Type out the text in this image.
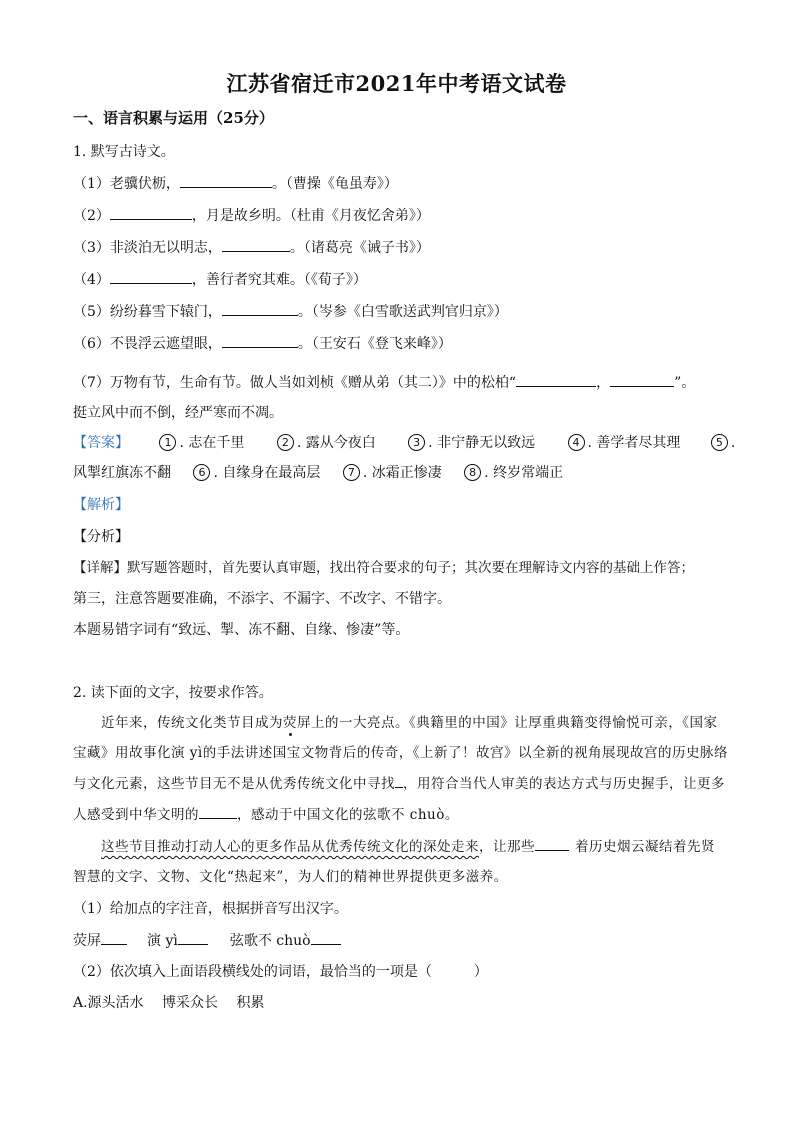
江苏省宿迁市2021年中考语文试卷
一、语言积累与运用（25分）
1. 默写古诗文。
（1）老骥伏枥，	。（曹操《龟虽寿》）
（2）	，月是故乡明。（杜甫《月夜忆舍弟》）
（3）非淡泊无以明志，	。（诸葛亮《诫子书》）
（4）	，善行者究其难。（《荀子》）
（5）纷纷暮雪下辕门，	。（岑参《白雪歌送武判官归京》）
（6）不畏浮云遮望眼，	。（王安石《登飞来峰》）
（7）万物有节，生命有节。做人当如刘桢《赠从弟（其二）》中的松柏“	，	”。
挺立风中而不倒，经严寒而不凋。
【答案】	1 . 志在千里	2 . 露从今夜白	3 . 非宁静无以致远	4 . 善学者尽其理	5 .
风掣红旗冻不翻 6 . 自缘身在最高层 7 . 冰霜正惨凄 8 . 终岁常端正
【解析】
【分析】
【详解】默写题答题时，首先要认真审题，找出符合要求的句子；其次要在理解诗文内容的基础上作答；
第三，注意答题要准确，不添字、不漏字、不改字、不错字。
本题易错字词有“致远、掣、冻不翻、自缘、惨凄”等。
2. 读下面的文字，按要求作答。
近年来，传统文化类节目成为荧屏上的一大亮点。《典籍里的中国》让厚重典籍变得愉悦可亲，《国家
宝藏》用故事化演 yì的手法讲述国宝文物背后的传奇，《上新了！故宫》以全新的视角展现故宫的历史脉络
与文化元素，这些节目无不是从优秀传统文化中寻找 ，用符合当代人审美的表达方式与历史握手，让更多
人感受到中华文明的	，感动于中国文化的弦歌不 chuò。
这些节目推动打动人心的更多作品从优秀传统文化的深处走来，让那些	着历史烟云凝结着先贤
智慧的文字、文物、文化“热起来”，为人们的精神世界提供更多滋养。
（1）给加点的字注音，根据拼音写出汉字。
荧屏	演 yì	弦歌不 chuò
（2）依次填入上面语段横线处的词语，最恰当的一项是（　　　）
A.源头活水　 博采众长　 积累
